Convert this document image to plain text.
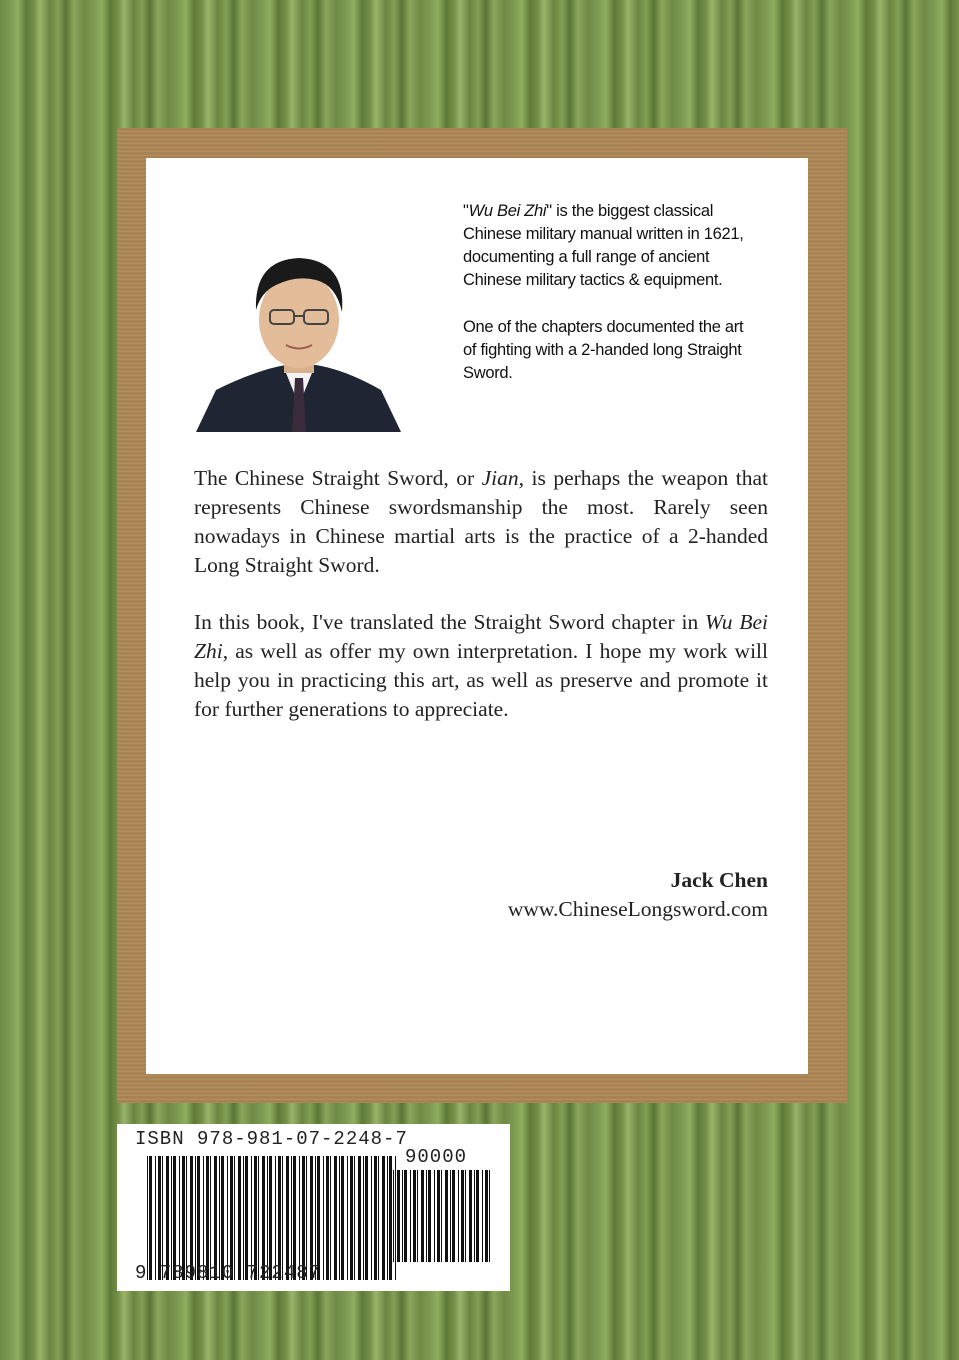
"Wu Bei Zhi" is the biggest classical Chinese military manual written in 1621, documenting a full range of ancient Chinese military tactics & equipment.

One of the chapters documented the art of fighting with a 2-handed long Straight Sword.

The Chinese Straight Sword, or Jian, is perhaps the weapon that represents Chinese swordsmanship the most. Rarely seen nowadays in Chinese martial arts is the practice of a 2-handed Long Straight Sword.

In this book, I've translated the Straight Sword chapter in Wu Bei Zhi, as well as offer my own interpretation. I hope my work will help you in practicing this art, as well as preserve and promote it for further generations to appreciate.

Jack Chen
www.ChineseLongsword.com
ISBN 978-981-07-2248-7
90000
9 789810 722487
